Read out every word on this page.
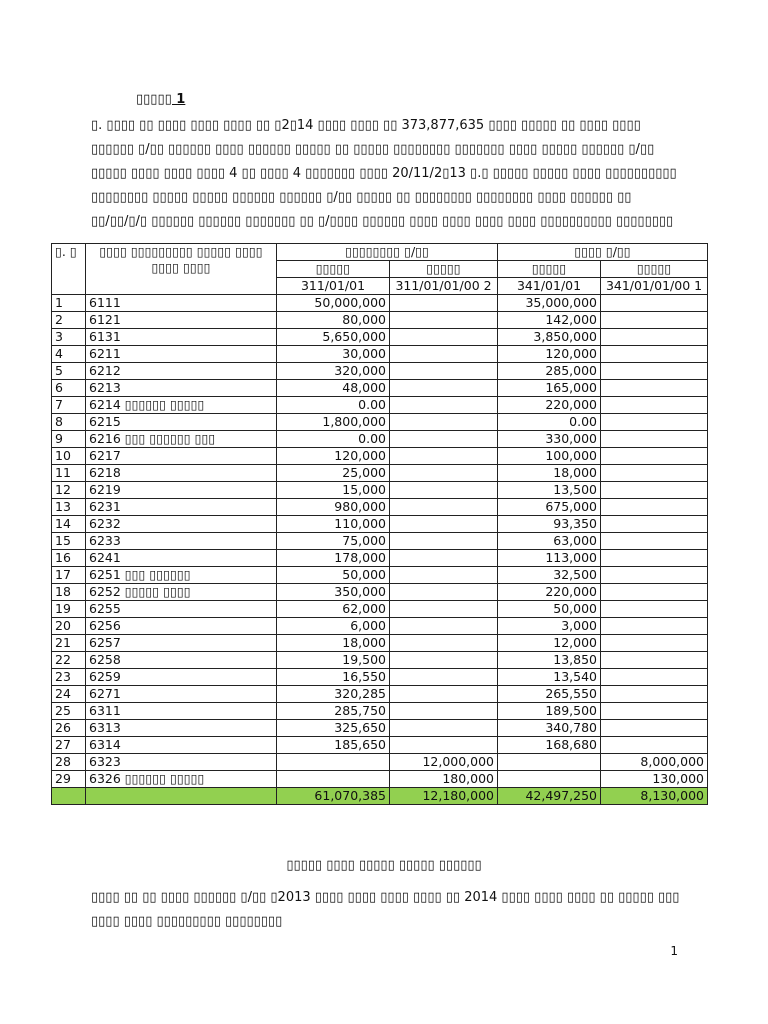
▯▯▯▯▯ 1

▯. ▯▯▯▯ ▯▯ ▯▯▯▯ ▯▯▯▯ ▯▯▯▯ ▯▯ ▯2▯14 ▯▯▯▯ ▯▯▯▯ ▯▯ 373,877,635 ▯▯▯▯ ▯▯▯▯▯ ▯▯ ▯▯▯▯ ▯▯▯▯
▯▯▯▯▯▯ ▯/▯▯ ▯▯▯▯▯▯ ▯▯▯▯ ▯▯▯▯▯▯ ▯▯▯▯▯ ▯▯ ▯▯▯▯▯ ▯▯▯▯▯▯▯▯ ▯▯▯▯▯▯▯ ▯▯▯▯ ▯▯▯▯▯ ▯▯▯▯▯▯ ▯/▯▯
▯▯▯▯▯ ▯▯▯▯ ▯▯▯▯ ▯▯▯▯ 4 ▯▯ ▯▯▯▯ 4 ▯▯▯▯▯▯▯ ▯▯▯▯ 20/11/2▯13 ▯.▯ ▯▯▯▯▯ ▯▯▯▯▯ ▯▯▯▯ ▯▯▯▯▯▯▯▯▯▯
▯▯▯▯▯▯▯▯ ▯▯▯▯▯ ▯▯▯▯▯ ▯▯▯▯▯▯ ▯▯▯▯▯▯ ▯/▯▯ ▯▯▯▯▯ ▯▯ ▯▯▯▯▯▯▯▯ ▯▯▯▯▯▯▯▯ ▯▯▯▯ ▯▯▯▯▯▯ ▯▯
▯▯/▯▯/▯/▯ ▯▯▯▯▯▯ ▯▯▯▯▯▯ ▯▯▯▯▯▯▯ ▯▯ ▯/▯▯▯▯ ▯▯▯▯▯▯ ▯▯▯▯ ▯▯▯▯ ▯▯▯▯ ▯▯▯▯ ▯▯▯▯▯▯▯▯▯▯ ▯▯▯▯▯▯▯▯

▯. ▯	▯▯▯▯ ▯▯▯▯▯▯▯▯▯ ▯▯▯▯▯ ▯▯▯▯ ▯▯▯▯ ▯▯▯▯	▯▯▯▯▯▯▯▯ ▯/▯▯		▯▯▯▯ ▯/▯▯	
		▯▯▯▯▯	▯▯▯▯▯	▯▯▯▯▯	▯▯▯▯▯
		311/01/01	311/01/01/00 2	341/01/01	341/01/01/00 1
1	6111	50,000,000		35,000,000	
2	6121	80,000		142,000	
3	6131	5,650,000		3,850,000	
4	6211	30,000		120,000	
5	6212	320,000		285,000	
6	6213	48,000		165,000	
7	6214 ▯▯▯▯▯▯ ▯▯▯▯▯	0.00		220,000	
8	6215	1,800,000		0.00	
9	6216 ▯▯▯ ▯▯▯▯▯▯ ▯▯▯	0.00		330,000	
10	6217	120,000		100,000	
11	6218	25,000		18,000	
12	6219	15,000		13,500	
13	6231	980,000		675,000	
14	6232	110,000		93,350	
15	6233	75,000		63,000	
16	6241	178,000		113,000	
17	6251 ▯▯▯ ▯▯▯▯▯▯	50,000		32,500	
18	6252 ▯▯▯▯▯ ▯▯▯▯	350,000		220,000	
19	6255	62,000		50,000	
20	6256	6,000		3,000	
21	6257	18,000		12,000	
22	6258	19,500		13,850	
23	6259	16,550		13,540	
24	6271	320,285		265,550	
25	6311	285,750		189,500	
26	6313	325,650		340,780	
27	6314	185,650		168,680	
28	6323		12,000,000		8,000,000
29	6326 ▯▯▯▯▯▯ ▯▯▯▯▯		180,000		130,000
		61,070,385	12,180,000	42,497,250	8,130,000
▯▯▯▯▯ ▯▯▯▯ ▯▯▯▯▯ ▯▯▯▯▯ ▯▯▯▯▯▯

▯▯▯▯ ▯▯ ▯▯ ▯▯▯▯ ▯▯▯▯▯▯ ▯/▯▯ ▯2013 ▯▯▯▯ ▯▯▯▯ ▯▯▯▯ ▯▯▯▯ ▯▯ 2014 ▯▯▯▯ ▯▯▯▯ ▯▯▯▯ ▯▯ ▯▯▯▯▯ ▯▯▯
▯▯▯▯ ▯▯▯▯ ▯▯▯▯▯▯▯▯▯ ▯▯▯▯▯▯▯▯

1
